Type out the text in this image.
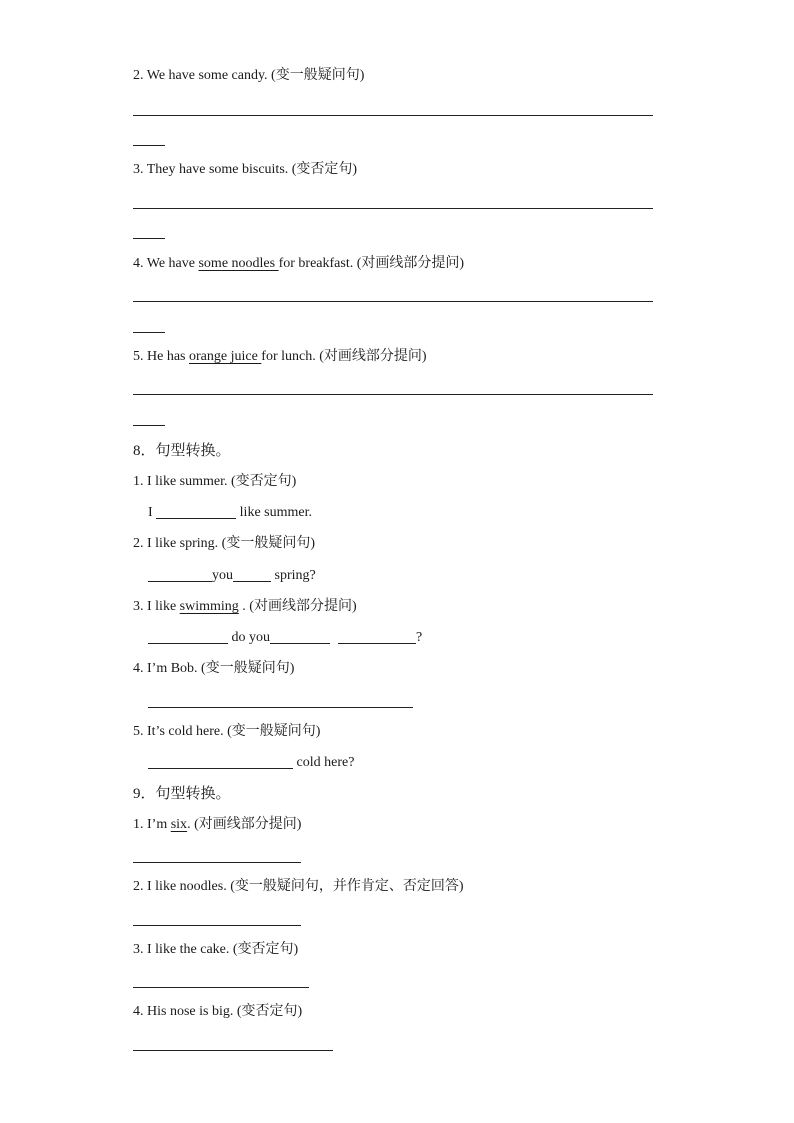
2. We have some candy. (变一般疑问句)
3. They have some biscuits. (变否定句)
4. We have some noodles for breakfast. (对画线部分提问)
5. He has orange juice for lunch. (对画线部分提问)
8．句型转换。
1. I like summer. (变否定句)
I	like summer.
2. I like spring. (变一般疑问句)
you	spring?
3. I like swimming . (对画线部分提问)
do you	?
4. I’m Bob. (变一般疑问句)
5. It’s cold here. (变一般疑问句)
cold here?
9．句型转换。
1. I’m six. (对画线部分提问)
2. I like noodles. (变一般疑问句，并作肯定、否定回答)
3. I like the cake. (变否定句)
4. His nose is big. (变否定句)
